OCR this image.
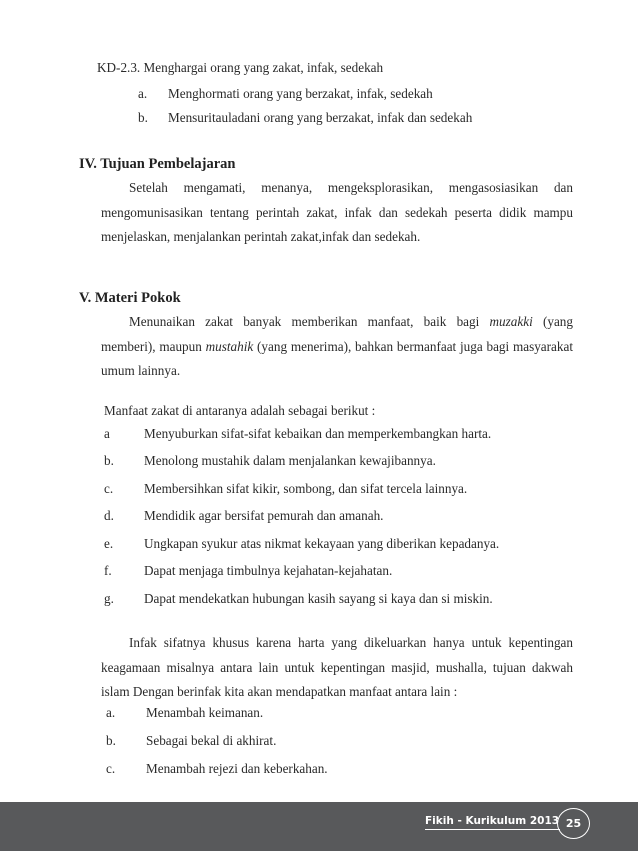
KD-2.3. Menghargai orang yang zakat, infak, sedekah
a. Menghormati orang yang berzakat, infak, sedekah
b. Mensuritauladani orang yang berzakat, infak dan sedekah
IV. Tujuan Pembelajaran
Setelah mengamati, menanya, mengeksplorasikan, mengasosiasikan dan mengomunisasikan tentang perintah zakat, infak dan sedekah peserta didik mampu menjelaskan, menjalankan perintah zakat,infak dan sedekah.
V. Materi Pokok
Menunaikan zakat banyak memberikan manfaat, baik bagi muzakki (yang memberi), maupun mustahik (yang menerima), bahkan bermanfaat juga bagi masyarakat umum lainnya.
Manfaat zakat di antaranya adalah sebagai berikut :
a	Menyuburkan sifat-sifat kebaikan dan memperkembangkan harta.
b. Menolong mustahik dalam menjalankan kewajibannya.
c. Membersihkan sifat kikir, sombong, dan sifat tercela lainnya.
d. Mendidik agar bersifat pemurah dan amanah.
e. Ungkapan syukur atas nikmat kekayaan yang diberikan kepadanya.
f. Dapat menjaga timbulnya kejahatan-kejahatan.
g. Dapat mendekatkan hubungan kasih sayang si kaya dan si miskin.
Infak sifatnya khusus karena harta yang dikeluarkan hanya untuk kepentingan keagamaan misalnya antara lain untuk kepentingan masjid, mushalla, tujuan dakwah islam Dengan berinfak kita akan mendapatkan manfaat antara lain :
a. Menambah keimanan.
b. Sebagai bekal di akhirat.
c. Menambah rejezi dan keberkahan.
Fikih - Kurikulum 2013 25
